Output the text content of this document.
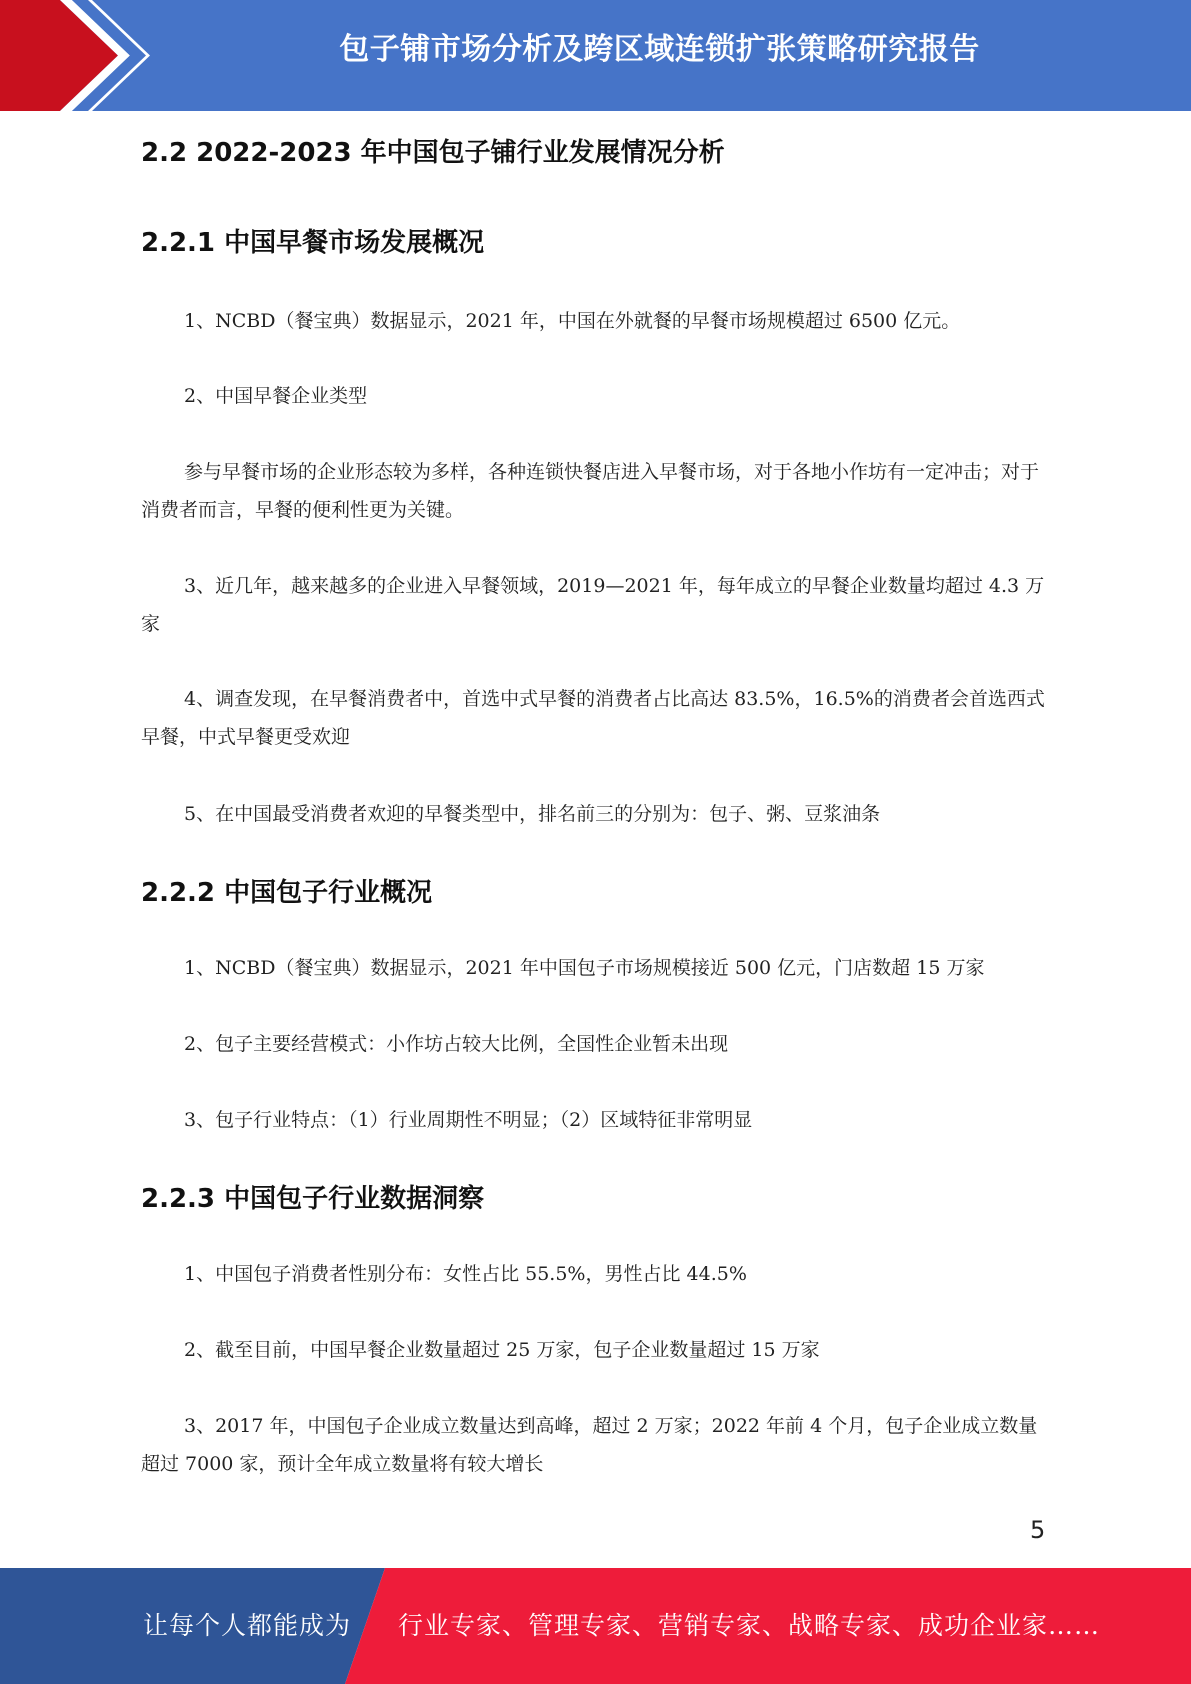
包子铺市场分析及跨区域连锁扩张策略研究报告
2.2 2022-2023 年中国包子铺行业发展情况分析
2.2.1 中国早餐市场发展概况
1、NCBD（餐宝典）数据显示，2021 年，中国在外就餐的早餐市场规模超过 6500 亿元。
2、中国早餐企业类型
参与早餐市场的企业形态较为多样，各种连锁快餐店进入早餐市场，对于各地小作坊有一定冲击；对于消费者而言，早餐的便利性更为关键。
3、近几年，越来越多的企业进入早餐领域，2019—2021 年，每年成立的早餐企业数量均超过 4.3 万家
4、调查发现，在早餐消费者中，首选中式早餐的消费者占比高达 83.5%，16.5%的消费者会首选西式早餐，中式早餐更受欢迎
5、在中国最受消费者欢迎的早餐类型中，排名前三的分别为：包子、粥、豆浆油条
2.2.2 中国包子行业概况
1、NCBD（餐宝典）数据显示，2021 年中国包子市场规模接近 500 亿元，门店数超 15 万家
2、包子主要经营模式：小作坊占较大比例，全国性企业暂未出现
3、包子行业特点：（1）行业周期性不明显；（2）区域特征非常明显
2.2.3 中国包子行业数据洞察
1、中国包子消费者性别分布：女性占比 55.5%，男性占比 44.5%
2、截至目前，中国早餐企业数量超过 25 万家，包子企业数量超过 15 万家
3、2017 年，中国包子企业成立数量达到高峰，超过 2 万家；2022 年前 4 个月，包子企业成立数量超过 7000 家，预计全年成立数量将有较大增长
5
让每个人都能成为 行业专家、管理专家、营销专家、战略专家、成功企业家……
